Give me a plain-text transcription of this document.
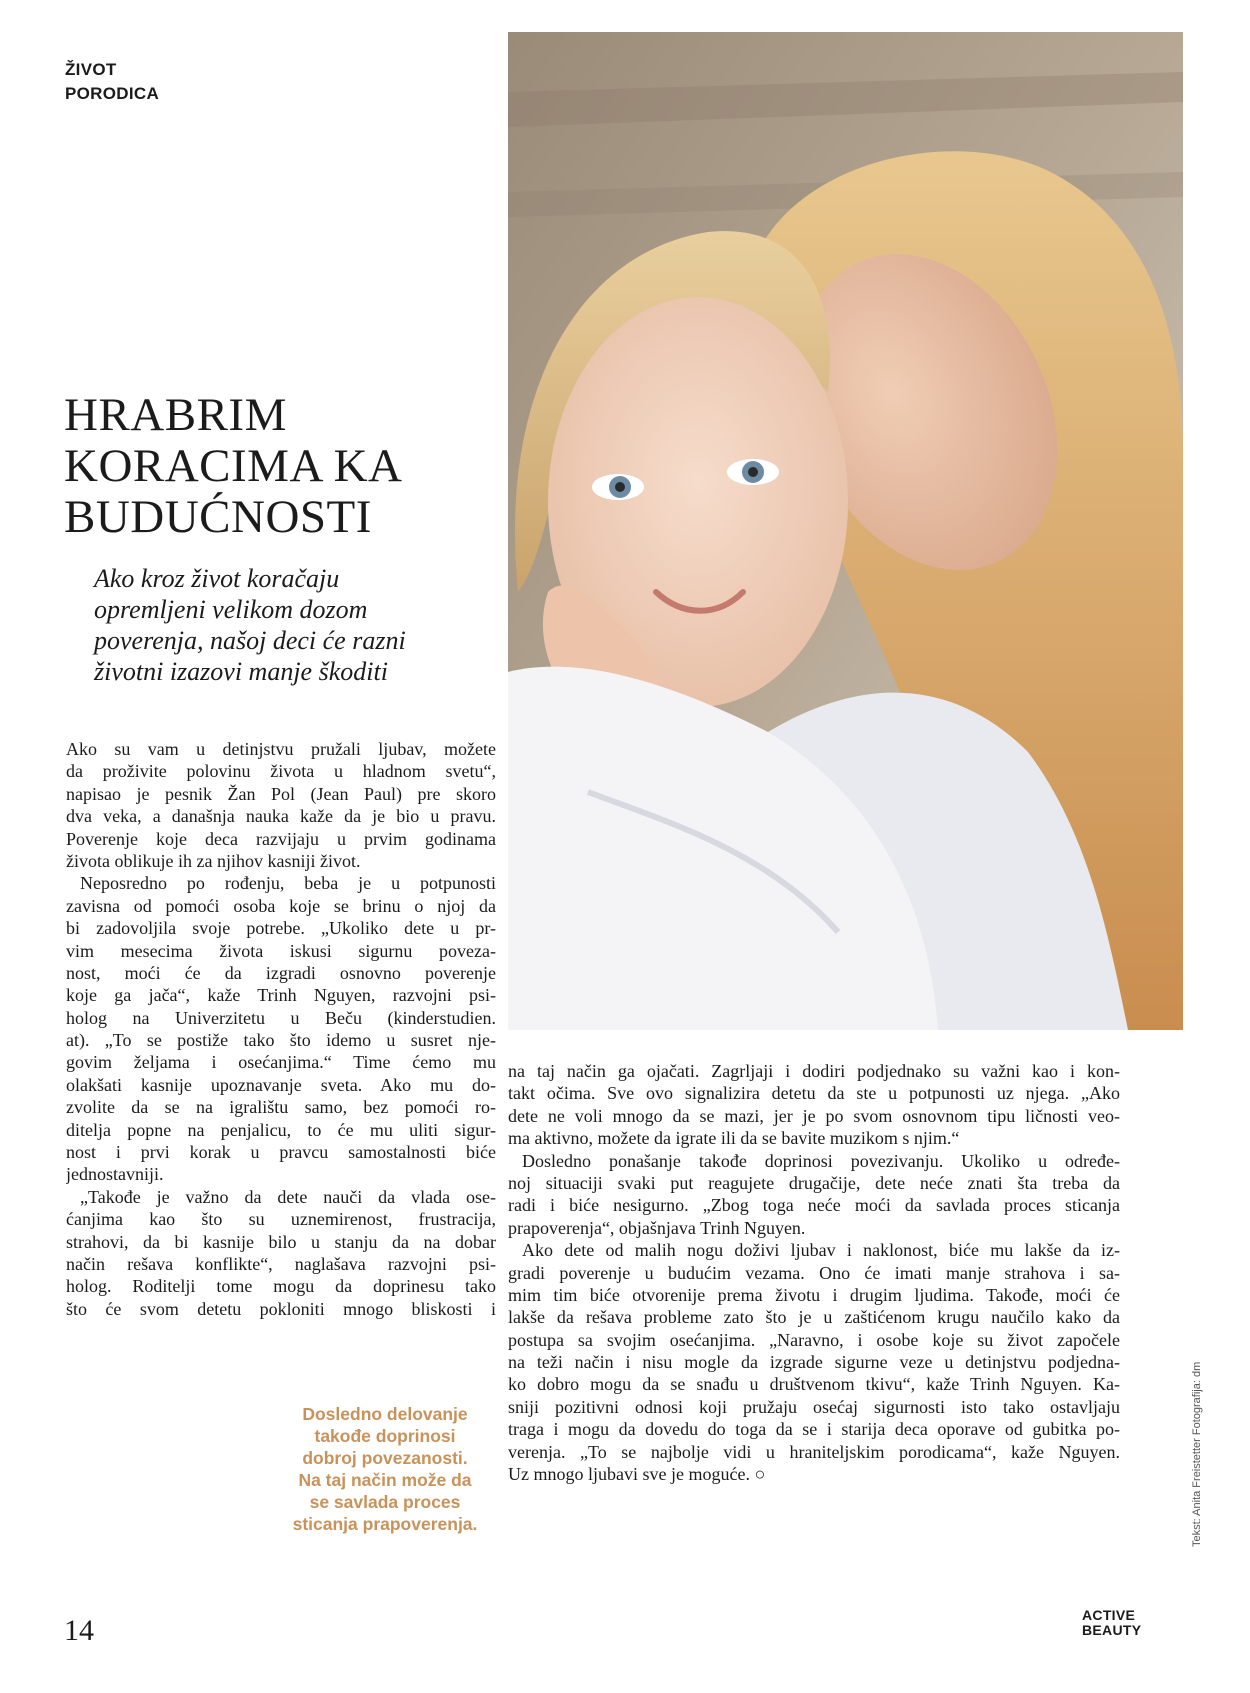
ŽIVOT
PORODICA
HRABRIM
KORACIMA KA
BUDUĆNOSTI
Ako kroz život koračaju
opremljeni velikom dozom
poverenja, našoj deci će razni
životni izazovi manje škoditi
Ako su vam u detinjstvu pružali ljubav, možete
da proživite polovinu života u hladnom svetu“,
napisao je pesnik Žan Pol (Jean Paul) pre skoro
dva veka, a današnja nauka kaže da je bio u pravu.
Poverenje koje deca razvijaju u prvim godinama
života oblikuje ih za njihov kasniji život.
Neposredno po rođenju, beba je u potpunosti
zavisna od pomoći osoba koje se brinu o njoj da
bi zadovoljila svoje potrebe. „Ukoliko dete u pr-
vim mesecima života iskusi sigurnu poveza-
nost, moći će da izgradi osnovno poverenje
koje ga jača“, kaže Trinh Nguyen, razvojni psi-
holog na Univerzitetu u Beču (kinderstudien.
at). „To se postiže tako što idemo u susret nje-
govim željama i osećanjima.“ Time ćemo mu
olakšati kasnije upoznavanje sveta. Ako mu do-
zvolite da se na igralištu samo, bez pomoći ro-
ditelja popne na penjalicu, to će mu uliti sigur-
nost i prvi korak u pravcu samostalnosti biće
jednostavniji.
„Takođe je važno da dete nauči da vlada ose-
ćanjima kao što su uznemirenost, frustracija,
strahovi, da bi kasnije bilo u stanju da na dobar
način rešava konflikte“, naglašava razvojni psi-
holog. Roditelji tome mogu da doprinesu tako
što će svom detetu pokloniti mnogo bliskosti i
na taj način ga ojačati. Zagrljaji i dodiri podjednako su važni kao i kon-
takt očima. Sve ovo signalizira detetu da ste u potpunosti uz njega. „Ako
dete ne voli mnogo da se mazi, jer je po svom osnovnom tipu ličnosti veo-
ma aktivno, možete da igrate ili da se bavite muzikom s njim.“
Dosledno ponašanje takođe doprinosi povezivanju. Ukoliko u određe-
noj situaciji svaki put reagujete drugačije, dete neće znati šta treba da
radi i biće nesigurno. „Zbog toga neće moći da savlada proces sticanja
prapoverenja“, objašnjava Trinh Nguyen.
Ako dete od malih nogu doživi ljubav i naklonost, biće mu lakše da iz-
gradi poverenje u budućim vezama. Ono će imati manje strahova i sa-
mim tim biće otvorenije prema životu i drugim ljudima. Takođe, moći će
lakše da rešava probleme zato što je u zaštićenom krugu naučilo kako da
postupa sa svojim osećanjima. „Naravno, i osobe koje su život započele
na teži način i nisu mogle da izgrade sigurne veze u detinjstvu podjedna-
ko dobro mogu da se snađu u društvenom tkivu“, kaže Trinh Nguyen. Ka-
sniji pozitivni odnosi koji pružaju osećaj sigurnosti isto tako ostavljaju
traga i mogu da dovedu do toga da se i starija deca oporave od gubitka po-
verenja. „To se najbolje vidi u hraniteljskim porodicama“, kaže Nguyen.
Uz mnogo ljubavi sve je moguće. ○
Dosledno delovanje
takođe doprinosi
dobroj povezanosti.
Na taj način može da
se savlada proces
sticanja prapoverenja.	Tekst: Anita Freistetter Fotografija: dm
14	ACTIVE
BEAUTY
